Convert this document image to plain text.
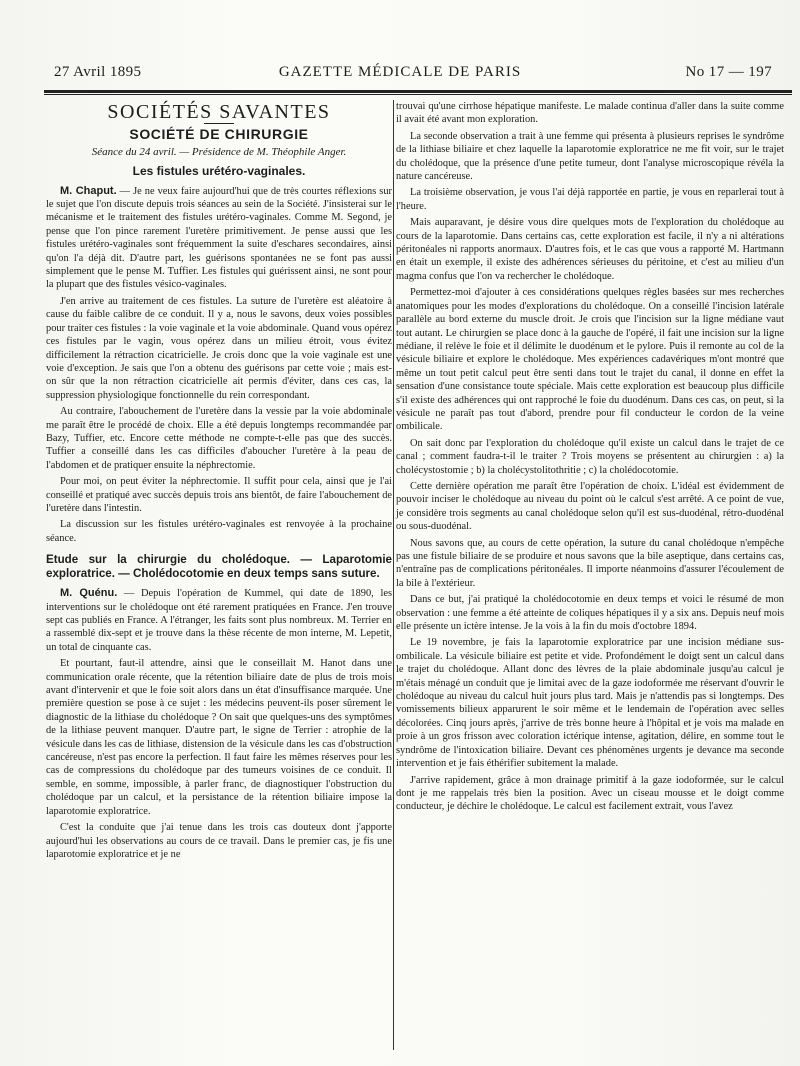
27 Avril 1895	GAZETTE MÉDICALE DE PARIS	No 17 — 197
SOCIÉTÉS SAVANTES
SOCIÉTÉ DE CHIRURGIE
Séance du 24 avril. — Présidence de M. Théophile Anger.
Les fistules urétéro-vaginales.

M. Chaput. — Je ne veux faire aujourd'hui que de très courtes réflexions sur le sujet que l'on discute depuis trois séances au sein de la Société. J'insisterai sur le mécanisme et le traitement des fistules urétéro-vaginales. Comme M. Segond, je pense que l'on pince rarement l'uretère primitivement. Je pense aussi que les fistules urétéro-vaginales sont fréquemment la suite d'eschares secondaires, ainsi qu'on l'a déjà dit. D'autre part, les guérisons spontanées ne se font pas aussi simplement que le pense M. Tuffier. Les fistules qui guérissent ainsi, ne sont pour la plupart que des fistules vésico-vaginales.

J'en arrive au traitement de ces fistules. La suture de l'uretère est aléatoire à cause du faible calibre de ce conduit. Il y a, nous le savons, deux voies possibles pour traiter ces fistules : la voie vaginale et la voie abdominale. Quand vous opérez ces fistules par le vagin, vous opérez dans un milieu étroit, vous évitez difficilement la rétraction cicatricielle. Je crois donc que la voie vaginale est une voie d'exception. Je sais que l'on a obtenu des guérisons par cette voie ; mais est-on sûr que la non rétraction cicatricielle ait permis d'éviter, dans ces cas, la suppression physiologique fonctionnelle du rein correspondant.

Au contraire, l'abouchement de l'uretère dans la vessie par la voie abdominale me paraît être le procédé de choix. Elle a été depuis longtemps recommandée par Bazy, Tuffier, etc. Encore cette méthode ne compte-t-elle pas que des succès. Tuffier a conseillé dans les cas difficiles d'aboucher l'uretère à la peau de l'abdomen et de pratiquer ensuite la néphrectomie.

Pour moi, on peut éviter la néphrectomie. Il suffit pour cela, ainsi que je l'ai conseillé et pratiqué avec succès depuis trois ans bientôt, de faire l'abouchement de l'uretère dans l'intestin.

La discussion sur les fistules urétéro-vaginales est renvoyée à la prochaine séance.

Etude sur la chirurgie du cholédoque. — Laparotomie exploratrice. — Cholédocotomie en deux temps sans suture.

M. Quénu. — Depuis l'opération de Kummel, qui date de 1890, les interventions sur le cholédoque ont été rarement pratiquées en France. J'en trouve sept cas publiés en France. A l'étranger, les faits sont plus nombreux. M. Terrier en a rassemblé dix-sept et je trouve dans la thèse récente de mon interne, M. Lepetit, un total de cinquante cas.

Et pourtant, faut-il attendre, ainsi que le conseillait M. Hanot dans une communication orale récente, que la rétention biliaire date de plus de trois mois avant d'intervenir et que le foie soit alors dans un état d'insuffisance marquée. Une première question se pose à ce sujet : les médecins peuvent-ils poser sûrement le diagnostic de la lithiase du cholédoque ? On sait que quelques-uns des symptômes de la lithiase peuvent manquer. D'autre part, le signe de Terrier : atrophie de la vésicule dans les cas de lithiase, distension de la vésicule dans les cas d'obstruction cancéreuse, n'est pas encore la perfection. Il faut faire les mêmes réserves pour les cas de compressions du cholédoque par des tumeurs voisines de ce conduit. Il semble, en somme, impossible, à parler franc, de diagnostiquer l'obstruction du cholédoque par un calcul, et la persistance de la rétention biliaire impose la laparotomie exploratrice.

C'est la conduite que j'ai tenue dans les trois cas douteux dont j'apporte aujourd'hui les observations au cours de ce travail. Dans le premier cas, je fis une laparotomie exploratrice et je ne

trouvai qu'une cirrhose hépatique manifeste. Le malade continua d'aller dans la suite comme il avait été avant mon exploration.

La seconde observation a trait à une femme qui présenta à plusieurs reprises le syndrôme de la lithiase biliaire et chez laquelle la laparotomie exploratrice ne me fit voir, sur le trajet du cholédoque, que la présence d'une petite tumeur, dont l'analyse microscopique révéla la nature cancéreuse.

La troisième observation, je vous l'ai déjà rapportée en partie, je vous en reparlerai tout à l'heure.

Mais auparavant, je désire vous dire quelques mots de l'exploration du cholédoque au cours de la laparotomie. Dans certains cas, cette exploration est facile, il n'y a ni altérations péritonéales ni rapports anormaux. D'autres fois, et le cas que vous a rapporté M. Hartmann en était un exemple, il existe des adhérences sérieuses du péritoine, et c'est au milieu d'un magma confus que l'on va rechercher le cholédoque.

Permettez-moi d'ajouter à ces considérations quelques règles basées sur mes recherches anatomiques pour les modes d'explorations du cholédoque. On a conseillé l'incision latérale parallèle au bord externe du muscle droit. Je crois que l'incision sur la ligne médiane vaut tout autant. Le chirurgien se place donc à la gauche de l'opéré, il fait une incision sur la ligne médiane, il relève le foie et il délimite le duodénum et le pylore. Puis il remonte au col de la vésicule biliaire et explore le cholédoque. Mes expériences cadavériques m'ont montré que même un tout petit calcul peut être senti dans tout le trajet du canal, il donne en effet la sensation d'une consistance toute spéciale. Mais cette exploration est beaucoup plus difficile s'il existe des adhérences qui ont rapproché le foie du duodénum. Dans ces cas, on peut, si la vésicule ne paraît pas tout d'abord, prendre pour fil conducteur le cordon de la veine ombilicale.

On sait donc par l'exploration du cholédoque qu'il existe un calcul dans le trajet de ce canal ; comment faudra-t-il le traiter ? Trois moyens se présentent au chirurgien : a) la cholécystostomie ; b) la cholécystolitothritie ; c) la cholédocotomie.

Cette dernière opération me paraît être l'opération de choix. L'idéal est évidemment de pouvoir inciser le cholédoque au niveau du point où le calcul s'est arrêté. A ce point de vue, je considère trois segments au canal cholédoque selon qu'il est sus-duodénal, rétro-duodénal ou sous-duodénal.

Nous savons que, au cours de cette opération, la suture du canal cholédoque n'empêche pas une fistule biliaire de se produire et nous savons que la bile aseptique, dans certains cas, n'entraîne pas de complications péritonéales. Il importe néanmoins d'assurer l'écoulement de la bile à l'extérieur.

Dans ce but, j'ai pratiqué la cholédocotomie en deux temps et voici le résumé de mon observation : une femme a été atteinte de coliques hépatiques il y a six ans. Depuis neuf mois elle présente un ictère intense. Je la vois à la fin du mois d'octobre 1894.

Le 19 novembre, je fais la laparotomie exploratrice par une incision médiane sus-ombilicale. La vésicule biliaire est petite et vide. Profondément le doigt sent un calcul dans le trajet du cholédoque. Allant donc des lèvres de la plaie abdominale jusqu'au calcul je m'étais ménagé un conduit que je limitai avec de la gaze iodoformée me réservant d'ouvrir le cholédoque au niveau du calcul huit jours plus tard. Mais je n'attendis pas si longtemps. Des vomissements bilieux apparurent le soir même et le lendemain de l'opération avec selles décolorées. Cinq jours après, j'arrive de très bonne heure à l'hôpital et je vois ma malade en proie à un gros frisson avec coloration ictérique intense, agitation, délire, en somme tout le syndrôme de l'intoxication biliaire. Devant ces phénomènes urgents je devance ma seconde intervention et je fais éthérifier subitement la malade.

J'arrive rapidement, grâce à mon drainage primitif à la gaze iodoformée, sur le calcul dont je me rappelais très bien la position. Avec un ciseau mousse et le doigt comme conducteur, je déchire le cholédoque. Le calcul est facilement extrait, vous l'avez
